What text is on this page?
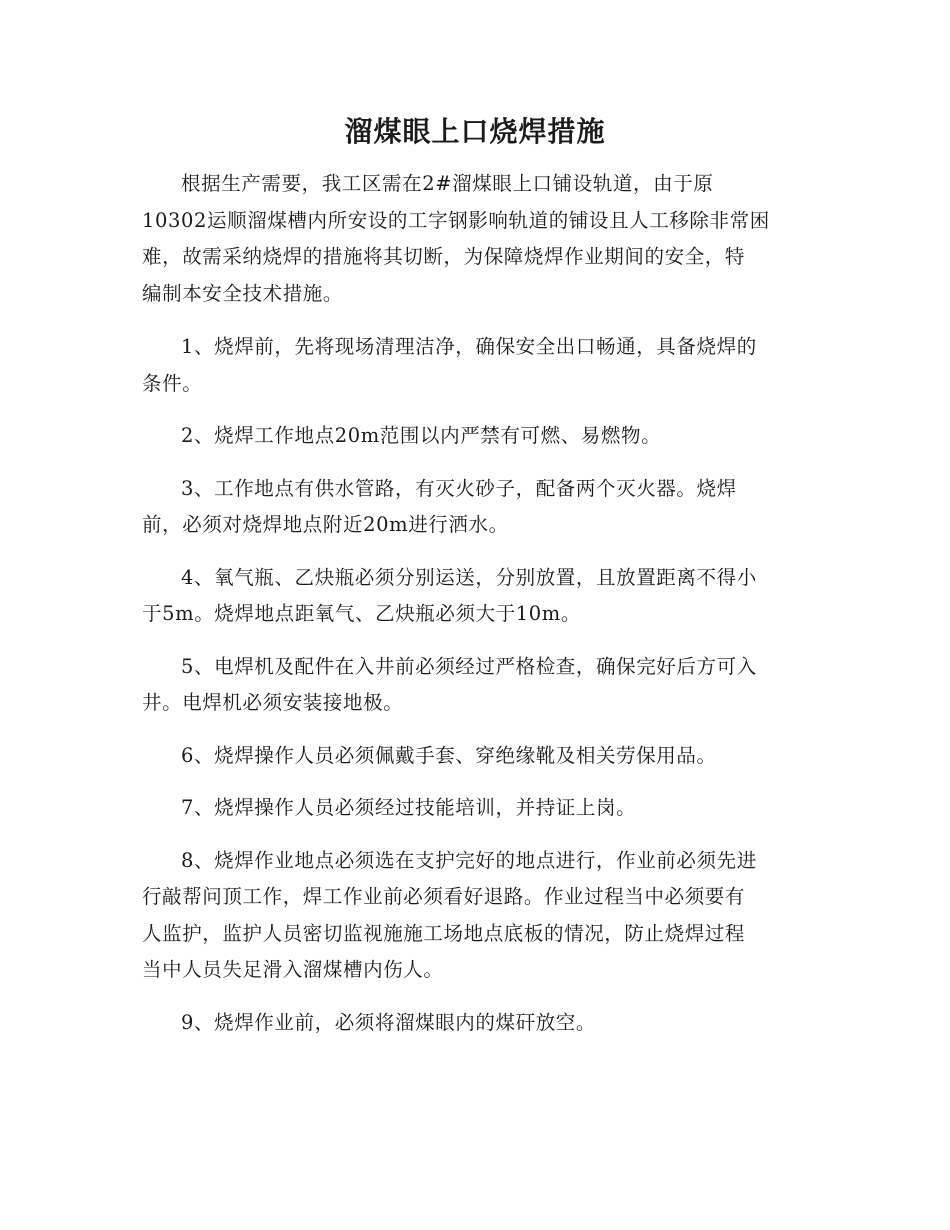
溜煤眼上口烧焊措施

根据生产需要，我工区需在2#溜煤眼上口铺设轨道，由于原
10302运顺溜煤槽内所安设的工字钢影响轨道的铺设且人工移除非常困
难，故需采纳烧焊的措施将其切断，为保障烧焊作业期间的安全，特
编制本安全技术措施。

1、烧焊前，先将现场清理洁净，确保安全出口畅通，具备烧焊的
条件。

2、烧焊工作地点20m范围以内严禁有可燃、易燃物。

3、工作地点有供水管路，有灭火砂子，配备两个灭火器。烧焊
前，必须对烧焊地点附近20m进行洒水。

4、氧气瓶、乙炔瓶必须分别运送，分别放置，且放置距离不得小
于5m。烧焊地点距氧气、乙炔瓶必须大于10m。

5、电焊机及配件在入井前必须经过严格检查，确保完好后方可入
井。电焊机必须安装接地极。

6、烧焊操作人员必须佩戴手套、穿绝缘靴及相关劳保用品。

7、烧焊操作人员必须经过技能培训，并持证上岗。

8、烧焊作业地点必须选在支护完好的地点进行，作业前必须先进
行敲帮问顶工作，焊工作业前必须看好退路。作业过程当中必须要有
人监护，监护人员密切监视施施工场地点底板的情况，防止烧焊过程
当中人员失足滑入溜煤槽内伤人。

9、烧焊作业前，必须将溜煤眼内的煤矸放空。
